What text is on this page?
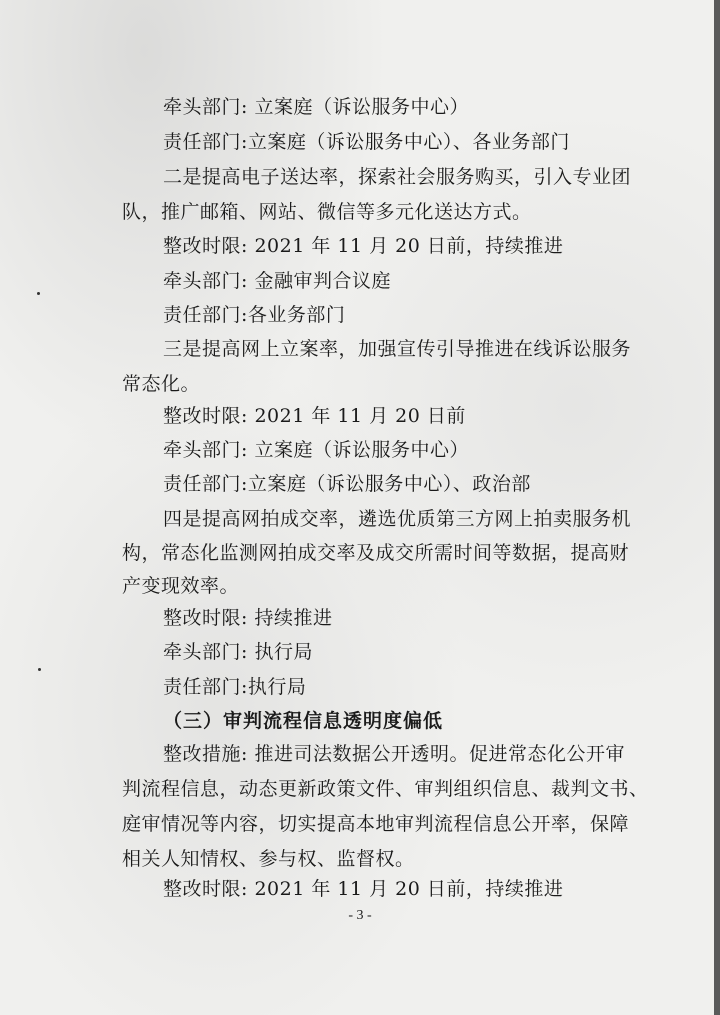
牵头部门: 立案庭（诉讼服务中心）
责任部门:立案庭（诉讼服务中心）、各业务部门
二是提高电子送达率，探索社会服务购买，引入专业团
队，推广邮箱、网站、微信等多元化送达方式。
整改时限: 2021 年 11 月 20 日前，持续推进
牵头部门: 金融审判合议庭
责任部门:各业务部门
三是提高网上立案率，加强宣传引导推进在线诉讼服务
常态化。
整改时限: 2021 年 11 月 20 日前
牵头部门: 立案庭（诉讼服务中心）
责任部门:立案庭（诉讼服务中心）、政治部
四是提高网拍成交率，遴选优质第三方网上拍卖服务机
构，常态化监测网拍成交率及成交所需时间等数据，提高财
产变现效率。
整改时限: 持续推进
牵头部门: 执行局
责任部门:执行局
（三）审判流程信息透明度偏低
整改措施: 推进司法数据公开透明。促进常态化公开审
判流程信息，动态更新政策文件、审判组织信息、裁判文书、
庭审情况等内容，切实提高本地审判流程信息公开率，保障
相关人知情权、参与权、监督权。
整改时限: 2021 年 11 月 20 日前，持续推进
- 3 -
